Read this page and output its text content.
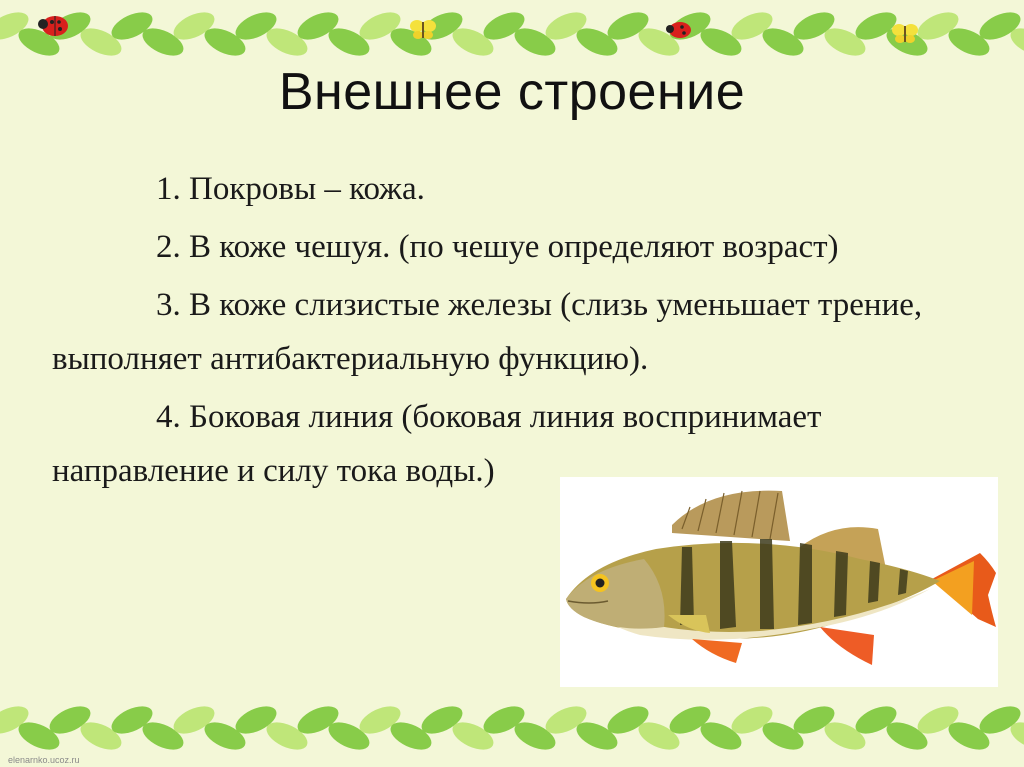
Внешнее строение

1. Покровы – кожа.

2. В коже чешуя. (по чешуе определяют возраст)

3. В коже слизистые железы (слизь уменьшает трение, выполняет антибактериальную функцию).

4. Боковая линия (боковая линия воспринимает направление и силу тока воды.)

elenarnko.ucoz.ru
